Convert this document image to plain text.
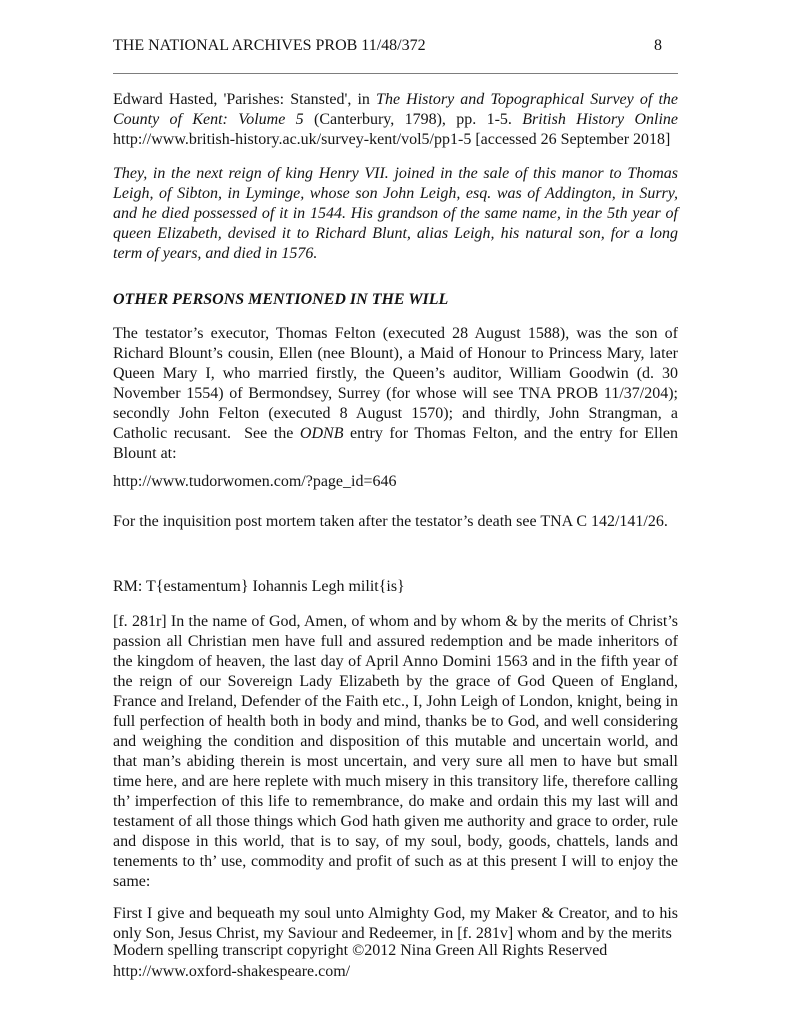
THE NATIONAL ARCHIVES PROB 11/48/372	8

Edward Hasted, 'Parishes: Stansted', in The History and Topographical Survey of the County of Kent: Volume 5 (Canterbury, 1798), pp. 1-5. British History Online http://www.british-history.ac.uk/survey-kent/vol5/pp1-5 [accessed 26 September 2018]

They, in the next reign of king Henry VII. joined in the sale of this manor to Thomas Leigh, of Sibton, in Lyminge, whose son John Leigh, esq. was of Addington, in Surry, and he died possessed of it in 1544. His grandson of the same name, in the 5th year of queen Elizabeth, devised it to Richard Blunt, alias Leigh, his natural son, for a long term of years, and died in 1576.

OTHER PERSONS MENTIONED IN THE WILL

The testator’s executor, Thomas Felton (executed 28 August 1588), was the son of Richard Blount’s cousin, Ellen (nee Blount), a Maid of Honour to Princess Mary, later Queen Mary I, who married firstly, the Queen’s auditor, William Goodwin (d. 30 November 1554) of Bermondsey, Surrey (for whose will see TNA PROB 11/37/204); secondly John Felton (executed 8 August 1570); and thirdly, John Strangman, a Catholic recusant.  See the ODNB entry for Thomas Felton, and the entry for Ellen Blount at:

http://www.tudorwomen.com/?page_id=646

For the inquisition post mortem taken after the testator’s death see TNA C 142/141/26.

RM: T{estamentum} Iohannis Legh milit{is}

[f. 281r] In the name of God, Amen, of whom and by whom & by the merits of Christ’s passion all Christian men have full and assured redemption and be made inheritors of the kingdom of heaven, the last day of April Anno Domini 1563 and in the fifth year of the reign of our Sovereign Lady Elizabeth by the grace of God Queen of England, France and Ireland, Defender of the Faith etc., I, John Leigh of London, knight, being in full perfection of health both in body and mind, thanks be to God, and well considering and weighing the condition and disposition of this mutable and uncertain world, and that man’s abiding therein is most uncertain, and very sure all men to have but small time here, and are here replete with much misery in this transitory life, therefore calling th’ imperfection of this life to remembrance, do make and ordain this my last will and testament of all those things which God hath given me authority and grace to order, rule and dispose in this world, that is to say, of my soul, body, goods, chattels, lands and tenements to th’ use, commodity and profit of such as at this present I will to enjoy the same:

First I give and bequeath my soul unto Almighty God, my Maker & Creator, and to his only Son, Jesus Christ, my Saviour and Redeemer, in [f. 281v] whom and by the merits

Modern spelling transcript copyright ©2012 Nina Green All Rights Reserved
http://www.oxford-shakespeare.com/
